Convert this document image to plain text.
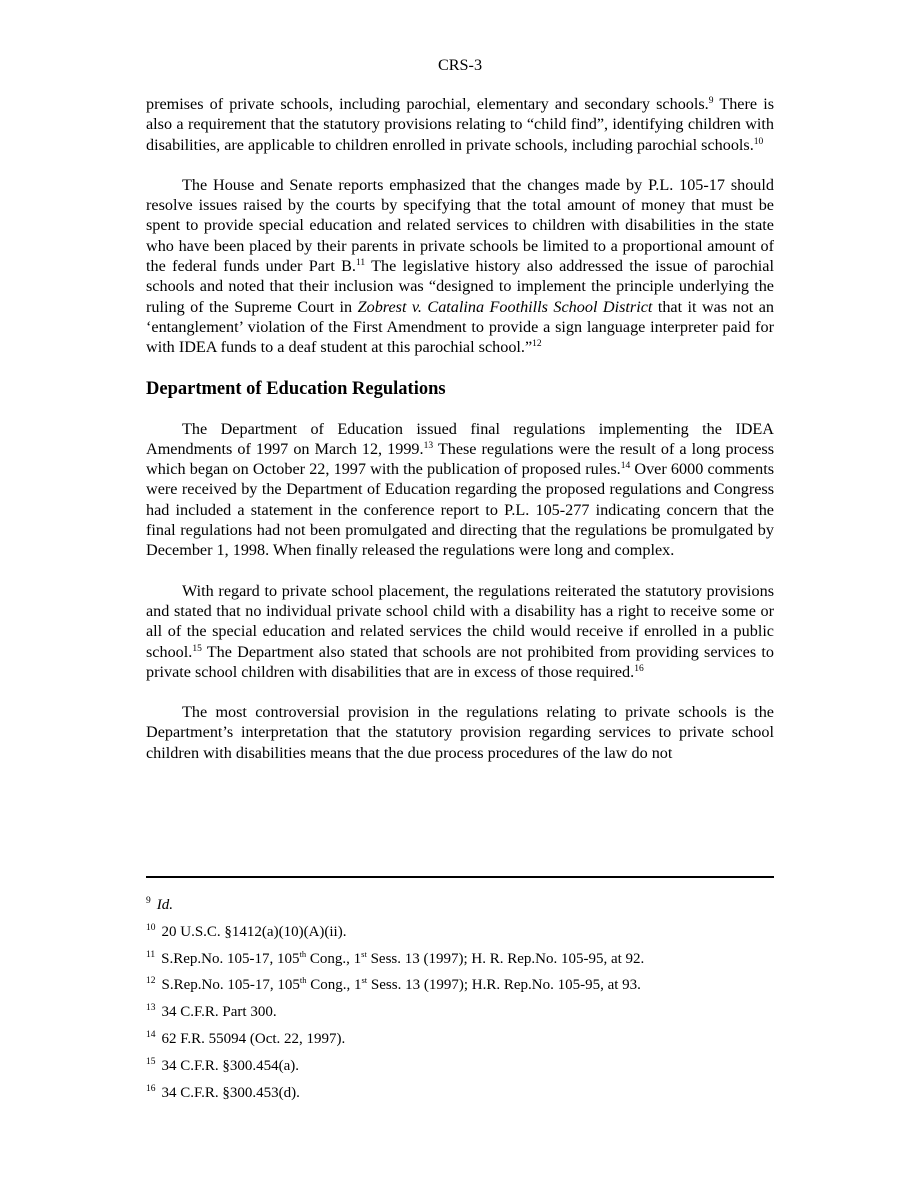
CRS-3

premises of private schools, including parochial, elementary and secondary schools.$^9$ There is also a requirement that the statutory provisions relating to “child find”, identifying children with disabilities, are applicable to children enrolled in private schools, including parochial schools.$^{10}$

The House and Senate reports emphasized that the changes made by P.L. 105-17 should resolve issues raised by the courts by specifying that the total amount of money that must be spent to provide special education and related services to children with disabilities in the state who have been placed by their parents in private schools be limited to a proportional amount of the federal funds under Part B.$^{11}$ The legislative history also addressed the issue of parochial schools and noted that their inclusion was “designed to implement the principle underlying the ruling of the Supreme Court in Zobrest v. Catalina Foothills School District that it was not an ‘entanglement’ violation of the First Amendment to provide a sign language interpreter paid for with IDEA funds to a deaf student at this parochial school.”$^{12}$

Department of Education Regulations

The Department of Education issued final regulations implementing the IDEA Amendments of 1997 on March 12, 1999.13 These regulations were the result of a long process which began on October 22, 1997 with the publication of proposed rules.$^{14}$ Over 6000 comments were received by the Department of Education regarding the proposed regulations and Congress had included a statement in the conference report to P.L. 105-277 indicating concern that the final regulations had not been promulgated and directing that the regulations be promulgated by December 1, 1998. When finally released the regulations were long and complex.

With regard to private school placement, the regulations reiterated the statutory provisions and stated that no individual private school child with a disability has a right to receive some or all of the special education and related services the child would receive if enrolled in a public school.$^{15}$ The Department also stated that schools are not prohibited from providing services to private school children with disabilities that are in excess of those required.$^{16}$

The most controversial provision in the regulations relating to private schools is the Department’s interpretation that the statutory provision regarding services to private school children with disabilities means that the due process procedures of the law do not

$^9$ Id.
$^{10}$ 20 U.S.C. §1412(a)(10)(A)(ii).
$^{11}$ S.Rep.No. 105-17, 105th Cong., 1st Sess. 13 (1997); H. R. Rep.No. 105-95, at 92.
$^{12}$ S.Rep.No. 105-17, 105th Cong., 1st Sess. 13 (1997); H.R. Rep.No. 105-95, at 93.
$^{13}$ 34 C.F.R. Part 300.
$^{14}$ 62 F.R. 55094 (Oct. 22, 1997).
$^{15}$ 34 C.F.R. §300.454(a).
$^{16}$ 34 C.F.R. §300.453(d).
